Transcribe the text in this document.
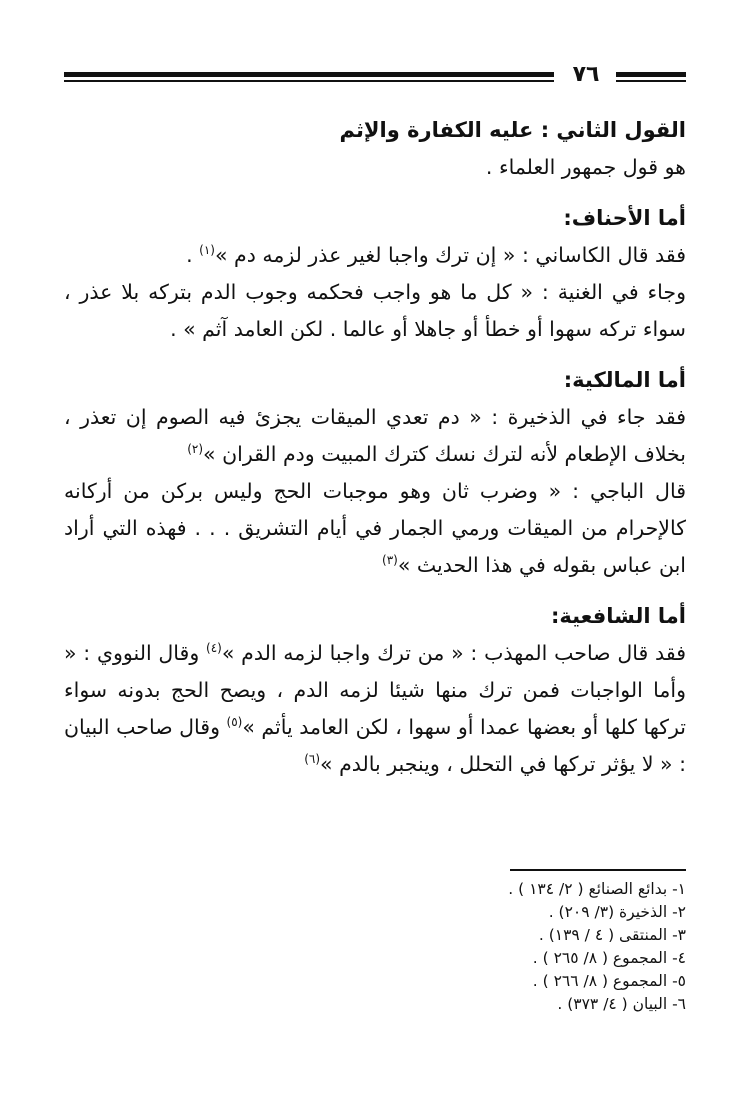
٧٦
القول الثاني : عليه الكفارة والإثم
هو قول جمهور العلماء .
أما الأحناف:
فقد قال الكاساني : « إن ترك واجبا لغير عذر لزمه دم »$^{(١)}$ .
وجاء في الغنية : « كل ما هو واجب فحكمه وجوب الدم بتركه بلا عذر ، سواء تركه سهوا أو خطأ أو جاهلا أو عالما . لكن العامد آثم » .
أما المالكية:
فقد جاء في الذخيرة : « دم تعدي الميقات يجزئ فيه الصوم إن تعذر ، بخلاف الإطعام لأنه لترك نسك كترك المبيت ودم القران »$^{(٢)}$
قال الباجي : « وضرب ثان وهو موجبات الحج وليس بركن من أركانه كالإحرام من الميقات ورمي الجمار في أيام التشريق . . . فهذه التي أراد ابن عباس بقوله في هذا الحديث »$^{(٣)}$
أما الشافعية:
فقد قال صاحب المهذب : « من ترك واجبا لزمه الدم »$^{(٤)}$ وقال النووي : « وأما الواجبات فمن ترك منها شيئا لزمه الدم ، ويصح الحج بدونه سواء تركها كلها أو بعضها عمدا أو سهوا ، لكن العامد يأثم »$^{(٥)}$ وقال صاحب البيان : « لا يؤثر تركها في التحلل ، وينجبر بالدم »$^{(٦)}$
١- بدائع الصنائع ( ٢/ ١٣٤ ) .
٢- الذخيرة (٣/ ٢٠٩) .
٣- المنتقى ( ٤ / ١٣٩) .
٤- المجموع ( ٨/ ٢٦٥ ) .
٥- المجموع ( ٨/ ٢٦٦ ) .
٦- البيان ( ٤/ ٣٧٣) .
